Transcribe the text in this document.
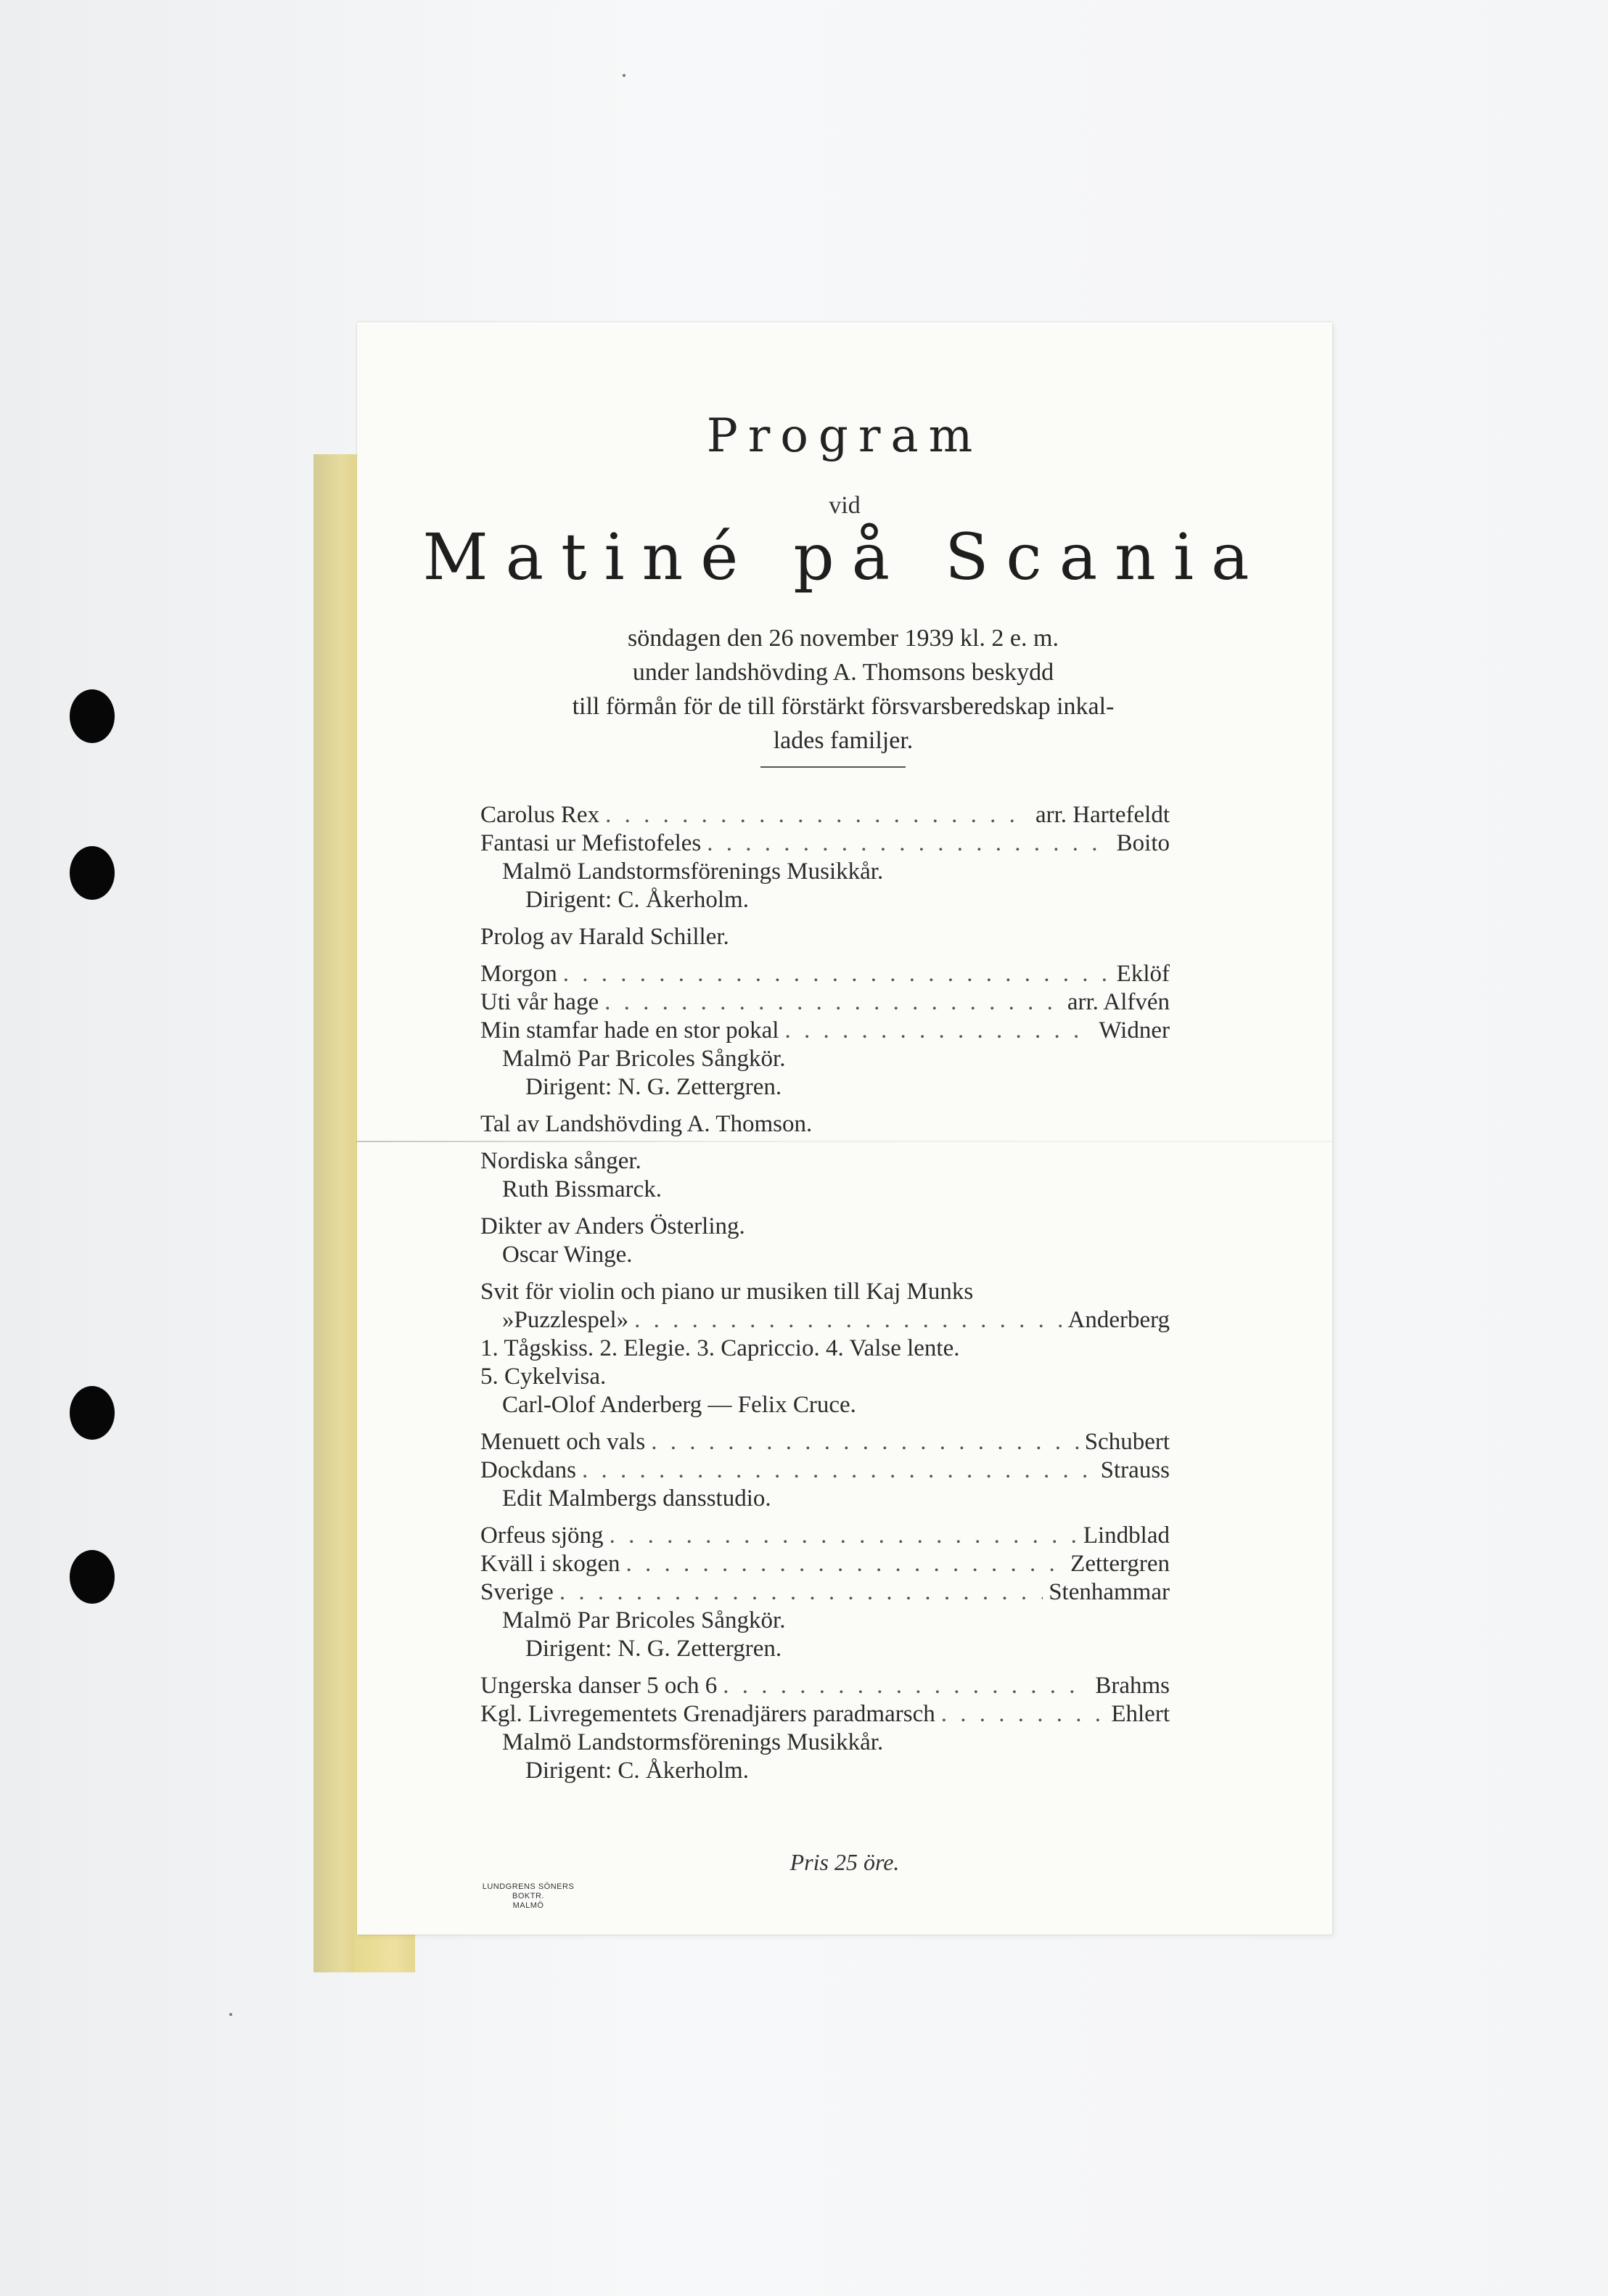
Program
vid
Matiné på Scania
söndagen den 26 november 1939 kl. 2 e. m.
under landshövding A. Thomsons beskydd
till förmån för de till förstärkt försvarsberedskap inkal-
lades familjer.
Carolus Rex . . .	arr. Hartefeldt
Fantasi ur Mefistofeles . . .	Boito
Malmö Landstormsförenings Musikkår.
Dirigent: C. Åkerholm.
Prolog av Harald Schiller.
Morgon . . .	Eklöf
Uti vår hage . . .	arr. Alfvén
Min stamfar hade en stor pokal . . .	Widner
Malmö Par Bricoles Sångkör.
Dirigent: N. G. Zettergren.
Tal av Landshövding A. Thomson.
Nordiska sånger.
Ruth Bissmarck.
Dikter av Anders Österling.
Oscar Winge.
Svit för violin och piano ur musiken till Kaj Munks
»Puzzlespel» . . .	Anderberg
1. Tågskiss. 2. Elegie. 3. Capriccio. 4. Valse lente.
5. Cykelvisa.
Carl-Olof Anderberg — Felix Cruce.
Menuett och vals . . .	Schubert
Dockdans . . .	Strauss
Edit Malmbergs dansstudio.
Orfeus sjöng . . .	Lindblad
Kväll i skogen . . .	Zettergren
Sverige . . .	Stenhammar
Malmö Par Bricoles Sångkör.
Dirigent: N. G. Zettergren.
Ungerska danser 5 och 6 . . .	Brahms
Kgl. Livregementets Grenadjärers paradmarsch . . .	Ehlert
Malmö Landstormsförenings Musikkår.
Dirigent: C. Åkerholm.
Pris 25 öre.
LUNDGRENS SÖNERS BOKTR.
MALMÖ
